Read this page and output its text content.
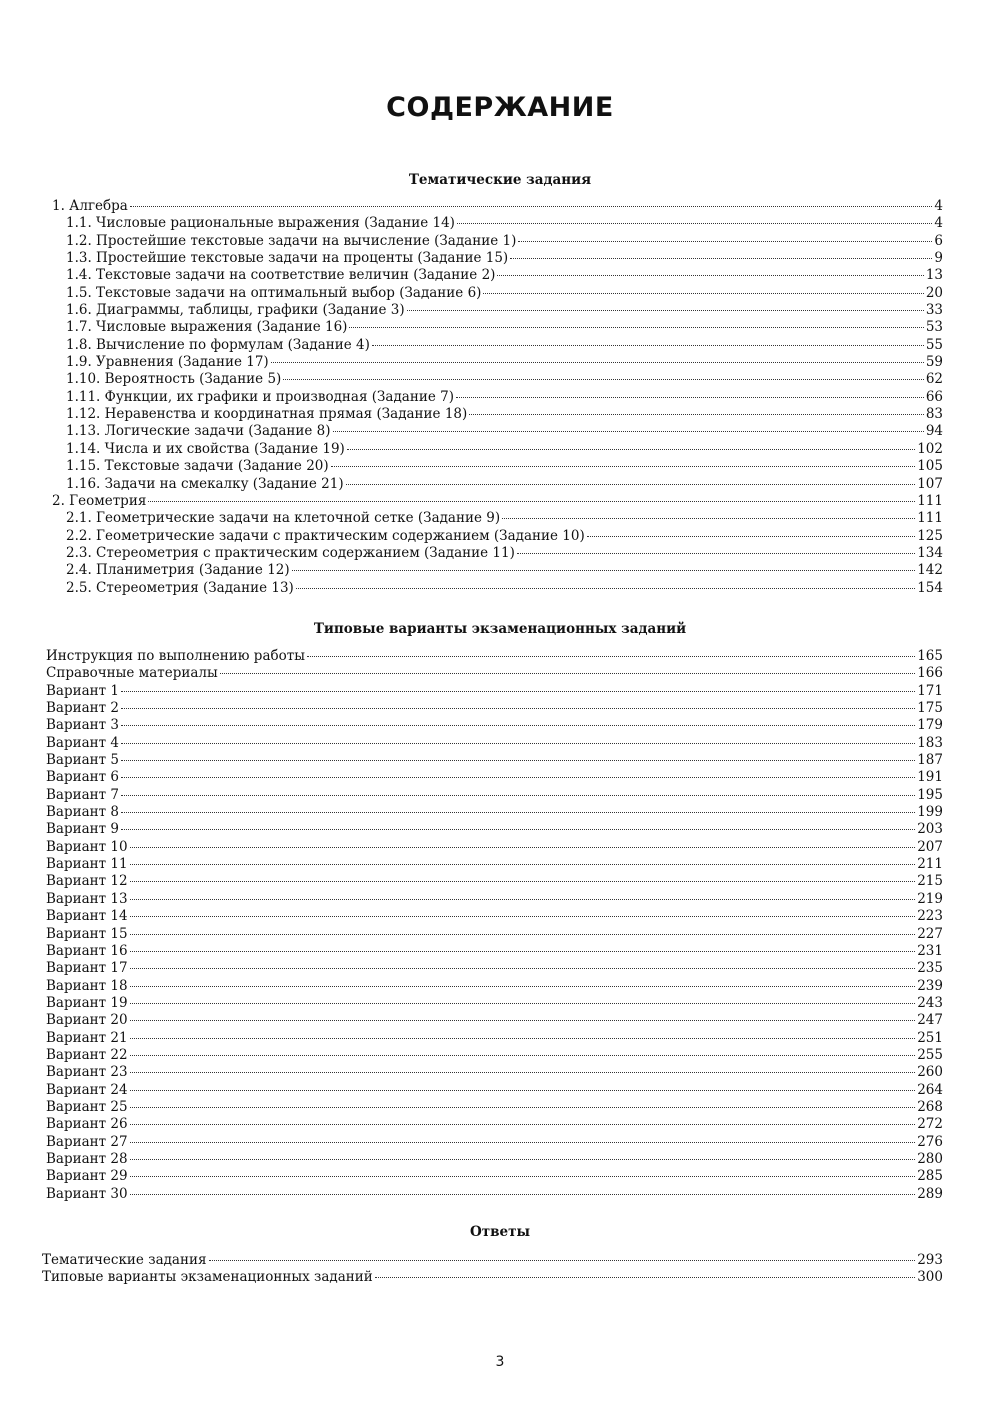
СОДЕРЖАНИЕ
Тематические задания
1. Алгебра	4
1.1. Числовые рациональные выражения (Задание 14)	4
1.2. Простейшие текстовые задачи на вычисление (Задание 1)	6
1.3. Простейшие текстовые задачи на проценты (Задание 15)	9
1.4. Текстовые задачи на соответствие величин (Задание 2)	13
1.5. Текстовые задачи на оптимальный выбор (Задание 6)	20
1.6. Диаграммы, таблицы, графики (Задание 3)	33
1.7. Числовые выражения (Задание 16)	53
1.8. Вычисление по формулам (Задание 4)	55
1.9. Уравнения (Задание 17)	59
1.10. Вероятность (Задание 5)	62
1.11. Функции, их графики и производная (Задание 7)	66
1.12. Неравенства и координатная прямая (Задание 18)	83
1.13. Логические задачи (Задание 8)	94
1.14. Числа и их свойства (Задание 19)	102
1.15. Текстовые задачи (Задание 20)	105
1.16. Задачи на смекалку (Задание 21)	107
2. Геометрия	111
2.1. Геометрические задачи на клеточной сетке (Задание 9)	111
2.2. Геометрические задачи с практическим содержанием (Задание 10)	125
2.3. Стереометрия с практическим содержанием (Задание 11)	134
2.4. Планиметрия (Задание 12)	142
2.5. Стереометрия (Задание 13)	154
Типовые варианты экзаменационных заданий
Инструкция по выполнению работы	165
Справочные материалы	166
Вариант 1	171
Вариант 2	175
Вариант 3	179
Вариант 4	183
Вариант 5	187
Вариант 6	191
Вариант 7	195
Вариант 8	199
Вариант 9	203
Вариант 10	207
Вариант 11	211
Вариант 12	215
Вариант 13	219
Вариант 14	223
Вариант 15	227
Вариант 16	231
Вариант 17	235
Вариант 18	239
Вариант 19	243
Вариант 20	247
Вариант 21	251
Вариант 22	255
Вариант 23	260
Вариант 24	264
Вариант 25	268
Вариант 26	272
Вариант 27	276
Вариант 28	280
Вариант 29	285
Вариант 30	289
Ответы
Тематические задания	293
Типовые варианты экзаменационных заданий	300
3
